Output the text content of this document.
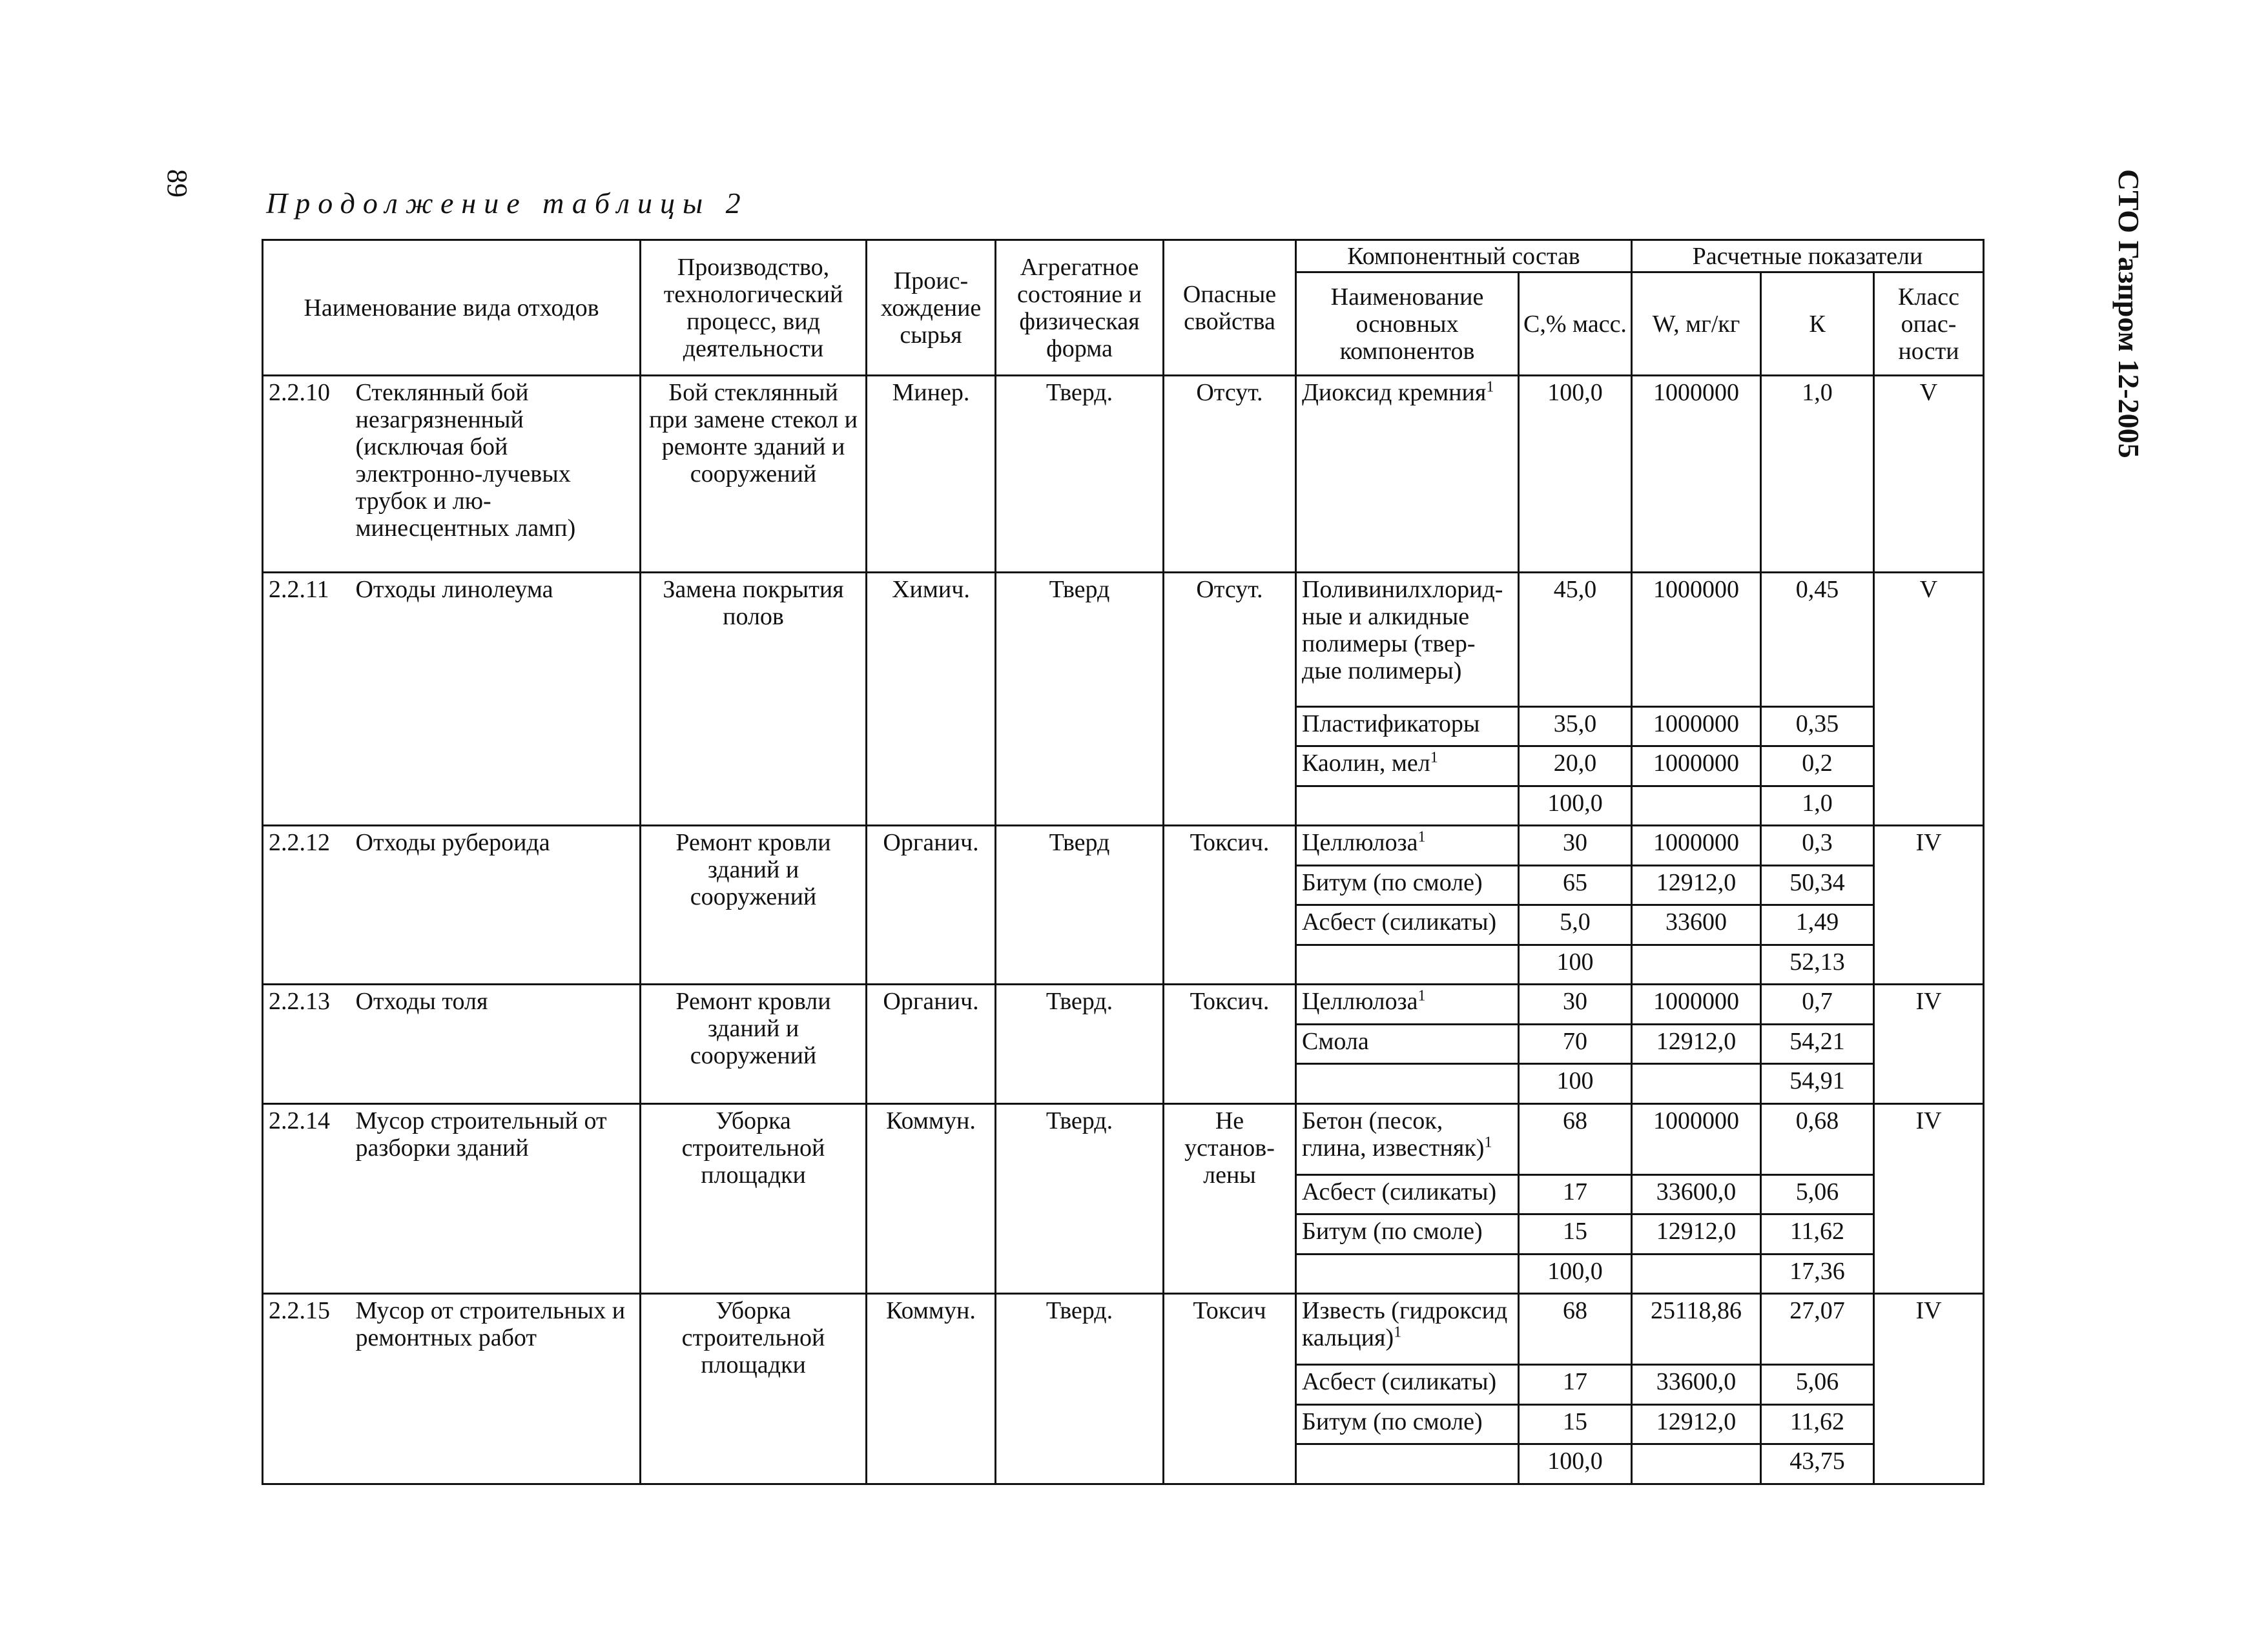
89	СТО Газпром 12-2005
Продолжение таблицы 2
Наименование вида отходов		Производство, технологический процесс, вид деятельности	Проис-хождение сырья	Агрегатное состояние и физическая форма	Опасные свойства	Компонентный состав		Расчетные показатели		
						Наименование основных компонентов	С,% масс.	W, мг/кг	К	Класс опас-ности
2.2.10	Стеклянный бой незагрязненный (исключая бой электронно-лучевых трубок и лю-минесцентных ламп)	Бой стеклянный при замене стекол и ремонте зданий и сооружений	Минер.	Тверд.	Отсут.	Диоксид кремния$^1$	100,0	1000000	1,0	V
2.2.11	Отходы линолеума	Замена покрытия полов	Химич.	Тверд	Отсут.	Поливинилхлорид-ные и алкидные полимеры (твер-дые полимеры)	45,0	1000000	0,45	V
						Пластификаторы	35,0	1000000	0,35	
						Каолин, мел$^1$	20,0	1000000	0,2	
							100,0		1,0	
2.2.12	Отходы рубероида	Ремонт кровли зданий и сооружений	Органич.	Тверд	Токсич.	Целлюлоза$^1$	30	1000000	0,3	IV
						Битум (по смоле)	65	12912,0	50,34	
						Асбест (силикаты)	5,0	33600	1,49	
							100		52,13	
2.2.13	Отходы толя	Ремонт кровли зданий и сооружений	Органич.	Тверд.	Токсич.	Целлюлоза$^1$	30	1000000	0,7	IV
						Смола	70	12912,0	54,21	
							100		54,91	
2.2.14	Мусор строительный от разборки зданий	Уборка строительной площадки	Коммун.	Тверд.	Не установ-лены	Бетон (песок, глина, известняк)$^1$	68	1000000	0,68	IV
						Асбест (силикаты)	17	33600,0	5,06	
						Битум (по смоле)	15	12912,0	11,62	
							100,0		17,36	
2.2.15	Мусор от строительных и ремонтных работ	Уборка строительной площадки	Коммун.	Тверд.	Токсич	Известь (гидроксид кальция)$^1$	68	25118,86	27,07	IV
						Асбест (силикаты)	17	33600,0	5,06	
						Битум (по смоле)	15	12912,0	11,62	
							100,0		43,75	
